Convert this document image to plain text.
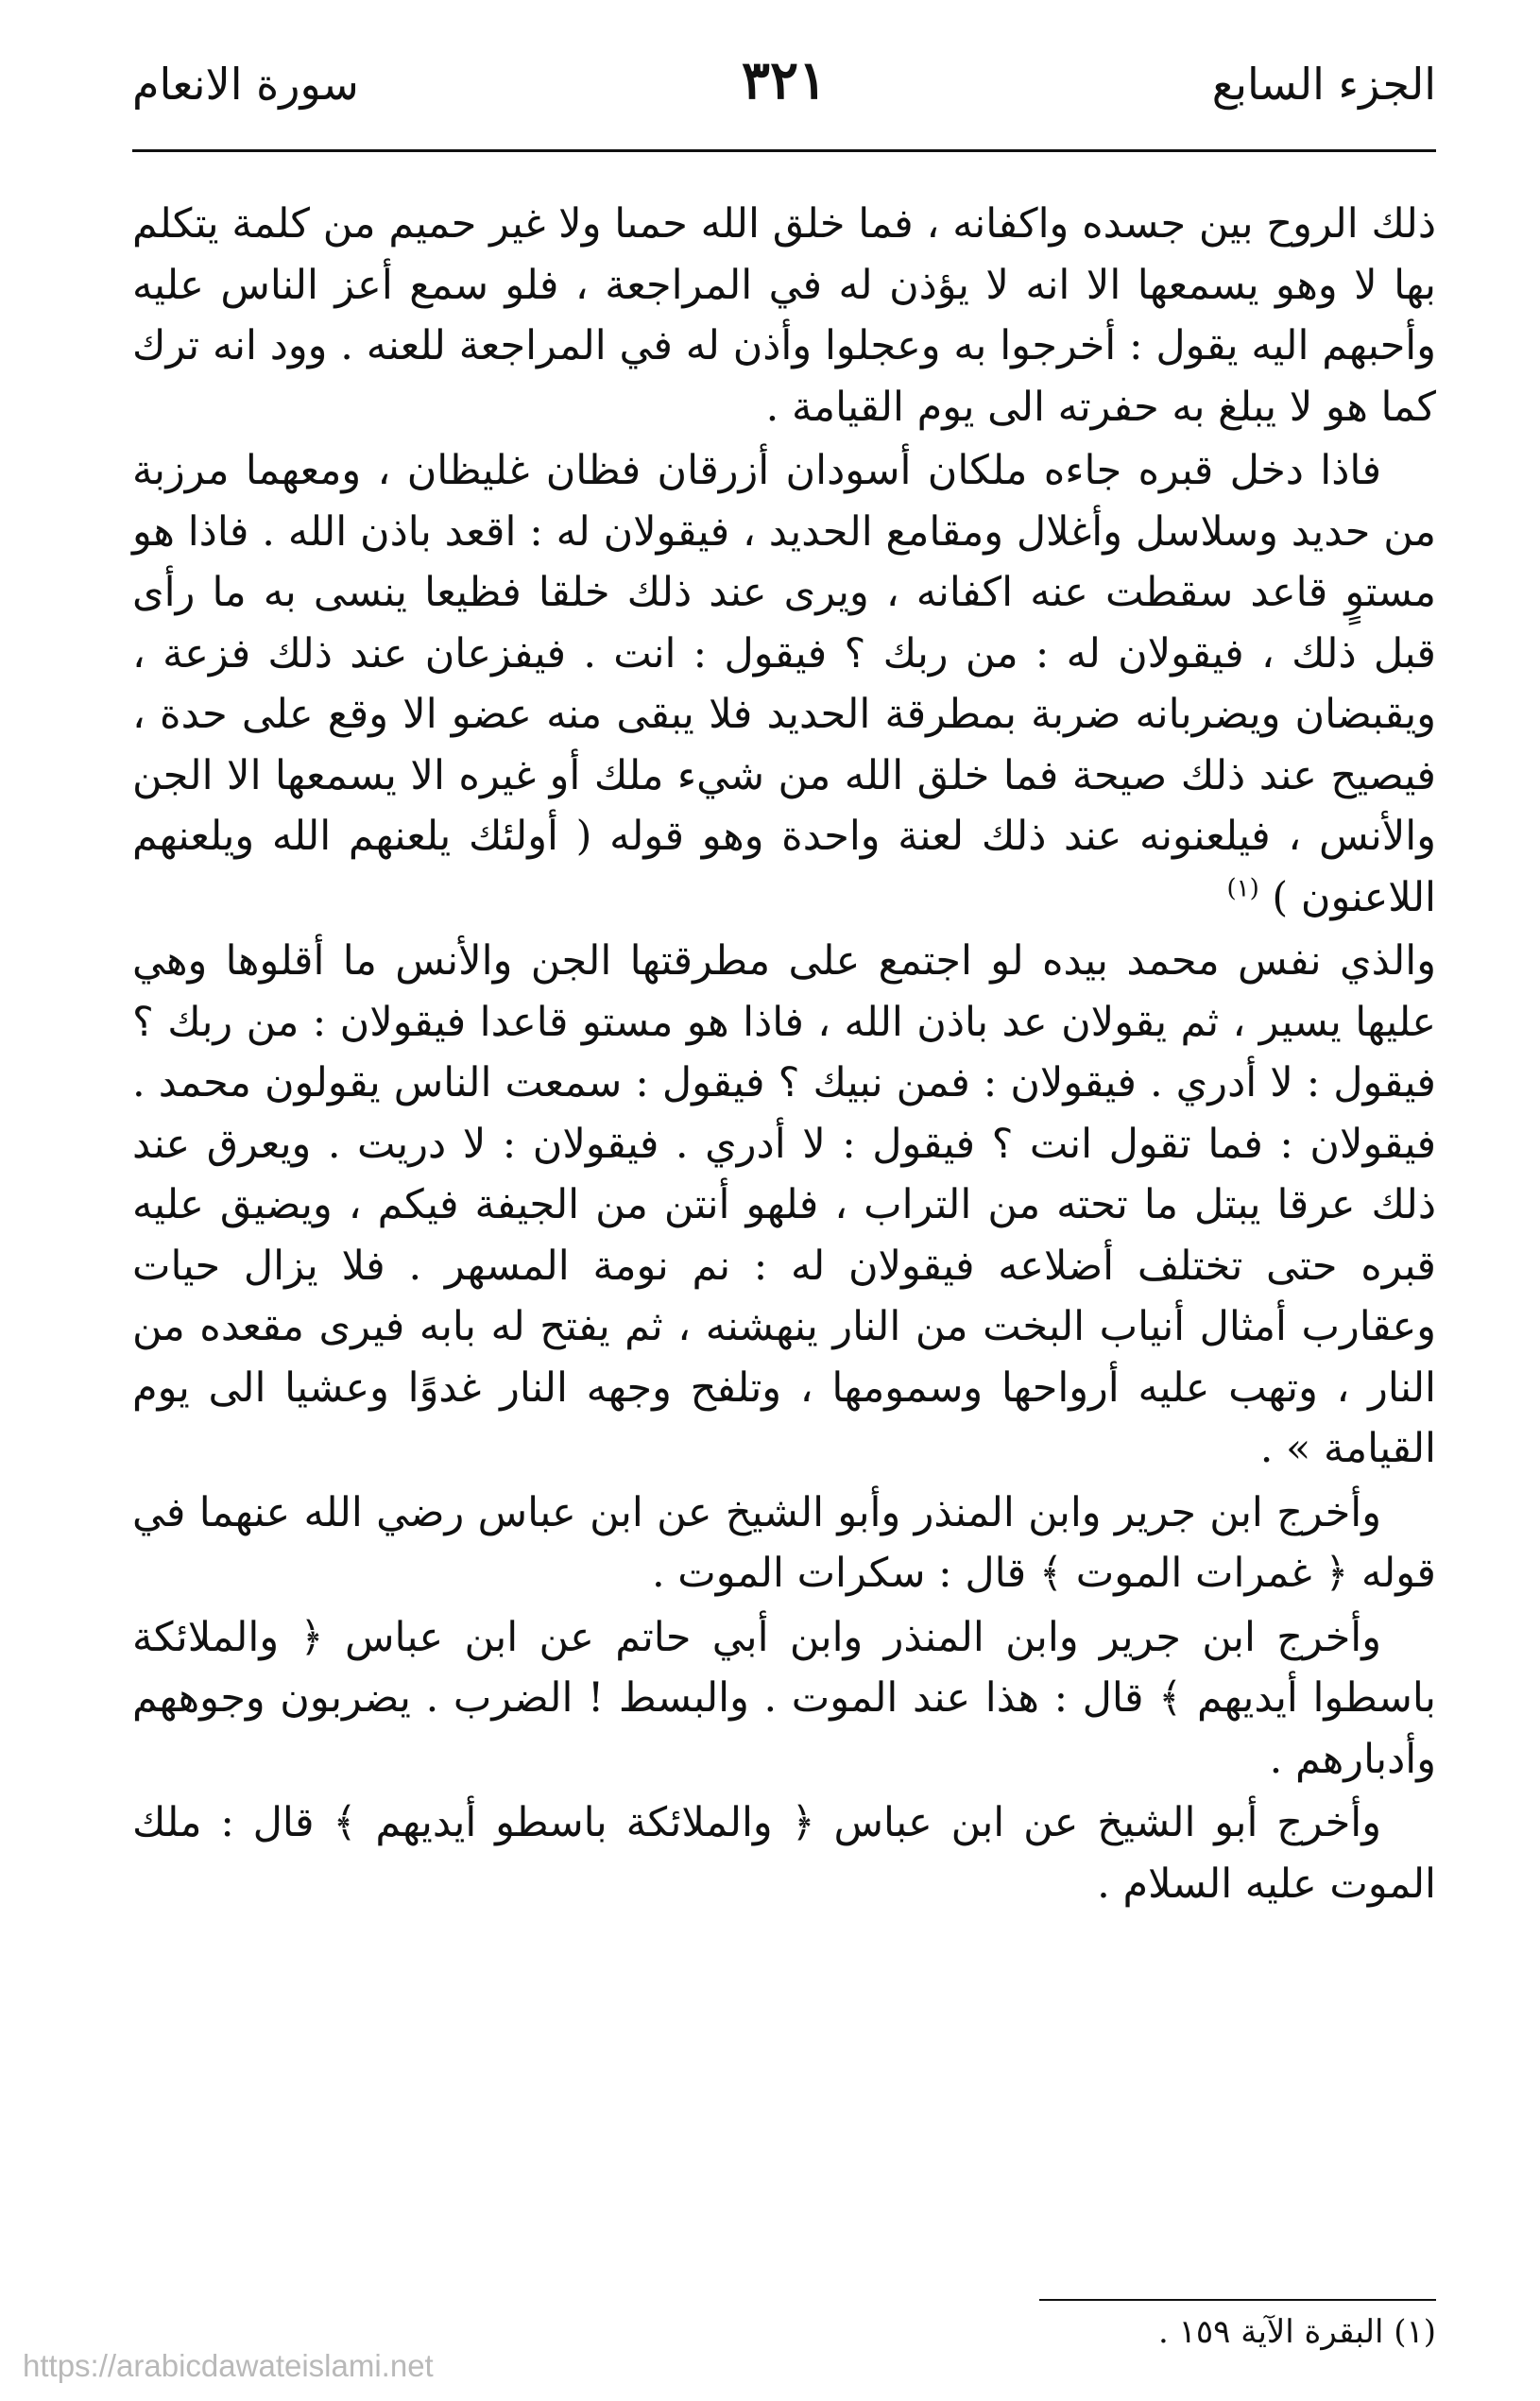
الجزء السابع
٣٢١
سورة الانعام

ذلك الروح بين جسده واكفانه ، فما خلق الله حمىا ولا غير حميم من كلمة يتكلم بها لا وهو يسمعها الا انه لا يؤذن له في المراجعة ، فلو سمع أعز الناس عليه وأحبهم اليه يقول : أخرجوا به وعجلوا وأذن له في المراجعة للعنه . وود انه ترك كما هو لا يبلغ به حفرته الى يوم القيامة .

فاذا دخل قبره جاءه ملكان أسودان أزرقان فظان غليظان ، ومعهما مرزبة من حديد وسلاسل وأغلال ومقامع الحديد ، فيقولان له : اقعد باذن الله . فاذا هو مستوٍ قاعد سقطت عنه اكفانه ، ويرى عند ذلك خلقا فظيعا ينسى به ما رأى قبل ذلك ، فيقولان له : من ربك ؟ فيقول : انت . فيفزعان عند ذلك فزعة ، ويقبضان ويضربانه ضربة بمطرقة الحديد فلا يبقى منه عضو الا وقع على حدة ، فيصيح عند ذلك صيحة فما خلق الله من شيء ملك أو غيره الا يسمعها الا الجن والأنس ، فيلعنونه عند ذلك لعنة واحدة وهو قوله ( أولئك يلعنهم الله ويلعنهم اللاعنون ) $^{(١)}$

والذي نفس محمد بيده لو اجتمع على مطرقتها الجن والأنس ما أقلوها وهي عليها يسير ، ثم يقولان عد باذن الله ، فاذا هو مستو قاعدا فيقولان : من ربك ؟ فيقول : لا أدري . فيقولان : فمن نبيك ؟ فيقول : سمعت الناس يقولون محمد . فيقولان : فما تقول انت ؟ فيقول : لا أدري . فيقولان : لا دريت . ويعرق عند ذلك عرقا يبتل ما تحته من التراب ، فلهو أنتن من الجيفة فيكم ، ويضيق عليه قبره حتى تختلف أضلاعه فيقولان له : نم نومة المسهر . فلا يزال حيات وعقارب أمثال أنياب البخت من النار ينهشنه ، ثم يفتح له بابه فيرى مقعده من النار ، وتهب عليه أرواحها وسمومها ، وتلفح وجهه النار غدوًا وعشيا الى يوم القيامة » .

وأخرج ابن جرير وابن المنذر وأبو الشيخ عن ابن عباس رضي الله عنهما في قوله ﴿ غمرات الموت ﴾ قال : سكرات الموت .

وأخرج ابن جرير وابن المنذر وابن أبي حاتم عن ابن عباس ﴿ والملائكة باسطوا أيديهم ﴾ قال : هذا عند الموت . والبسط ! الضرب . يضربون وجوههم وأدبارهم .

وأخرج أبو الشيخ عن ابن عباس ﴿ والملائكة باسطو أيديهم ﴾ قال : ملك الموت عليه السلام .

(١) البقرة الآية ١٥٩ .
https://arabicdawateislami.net
